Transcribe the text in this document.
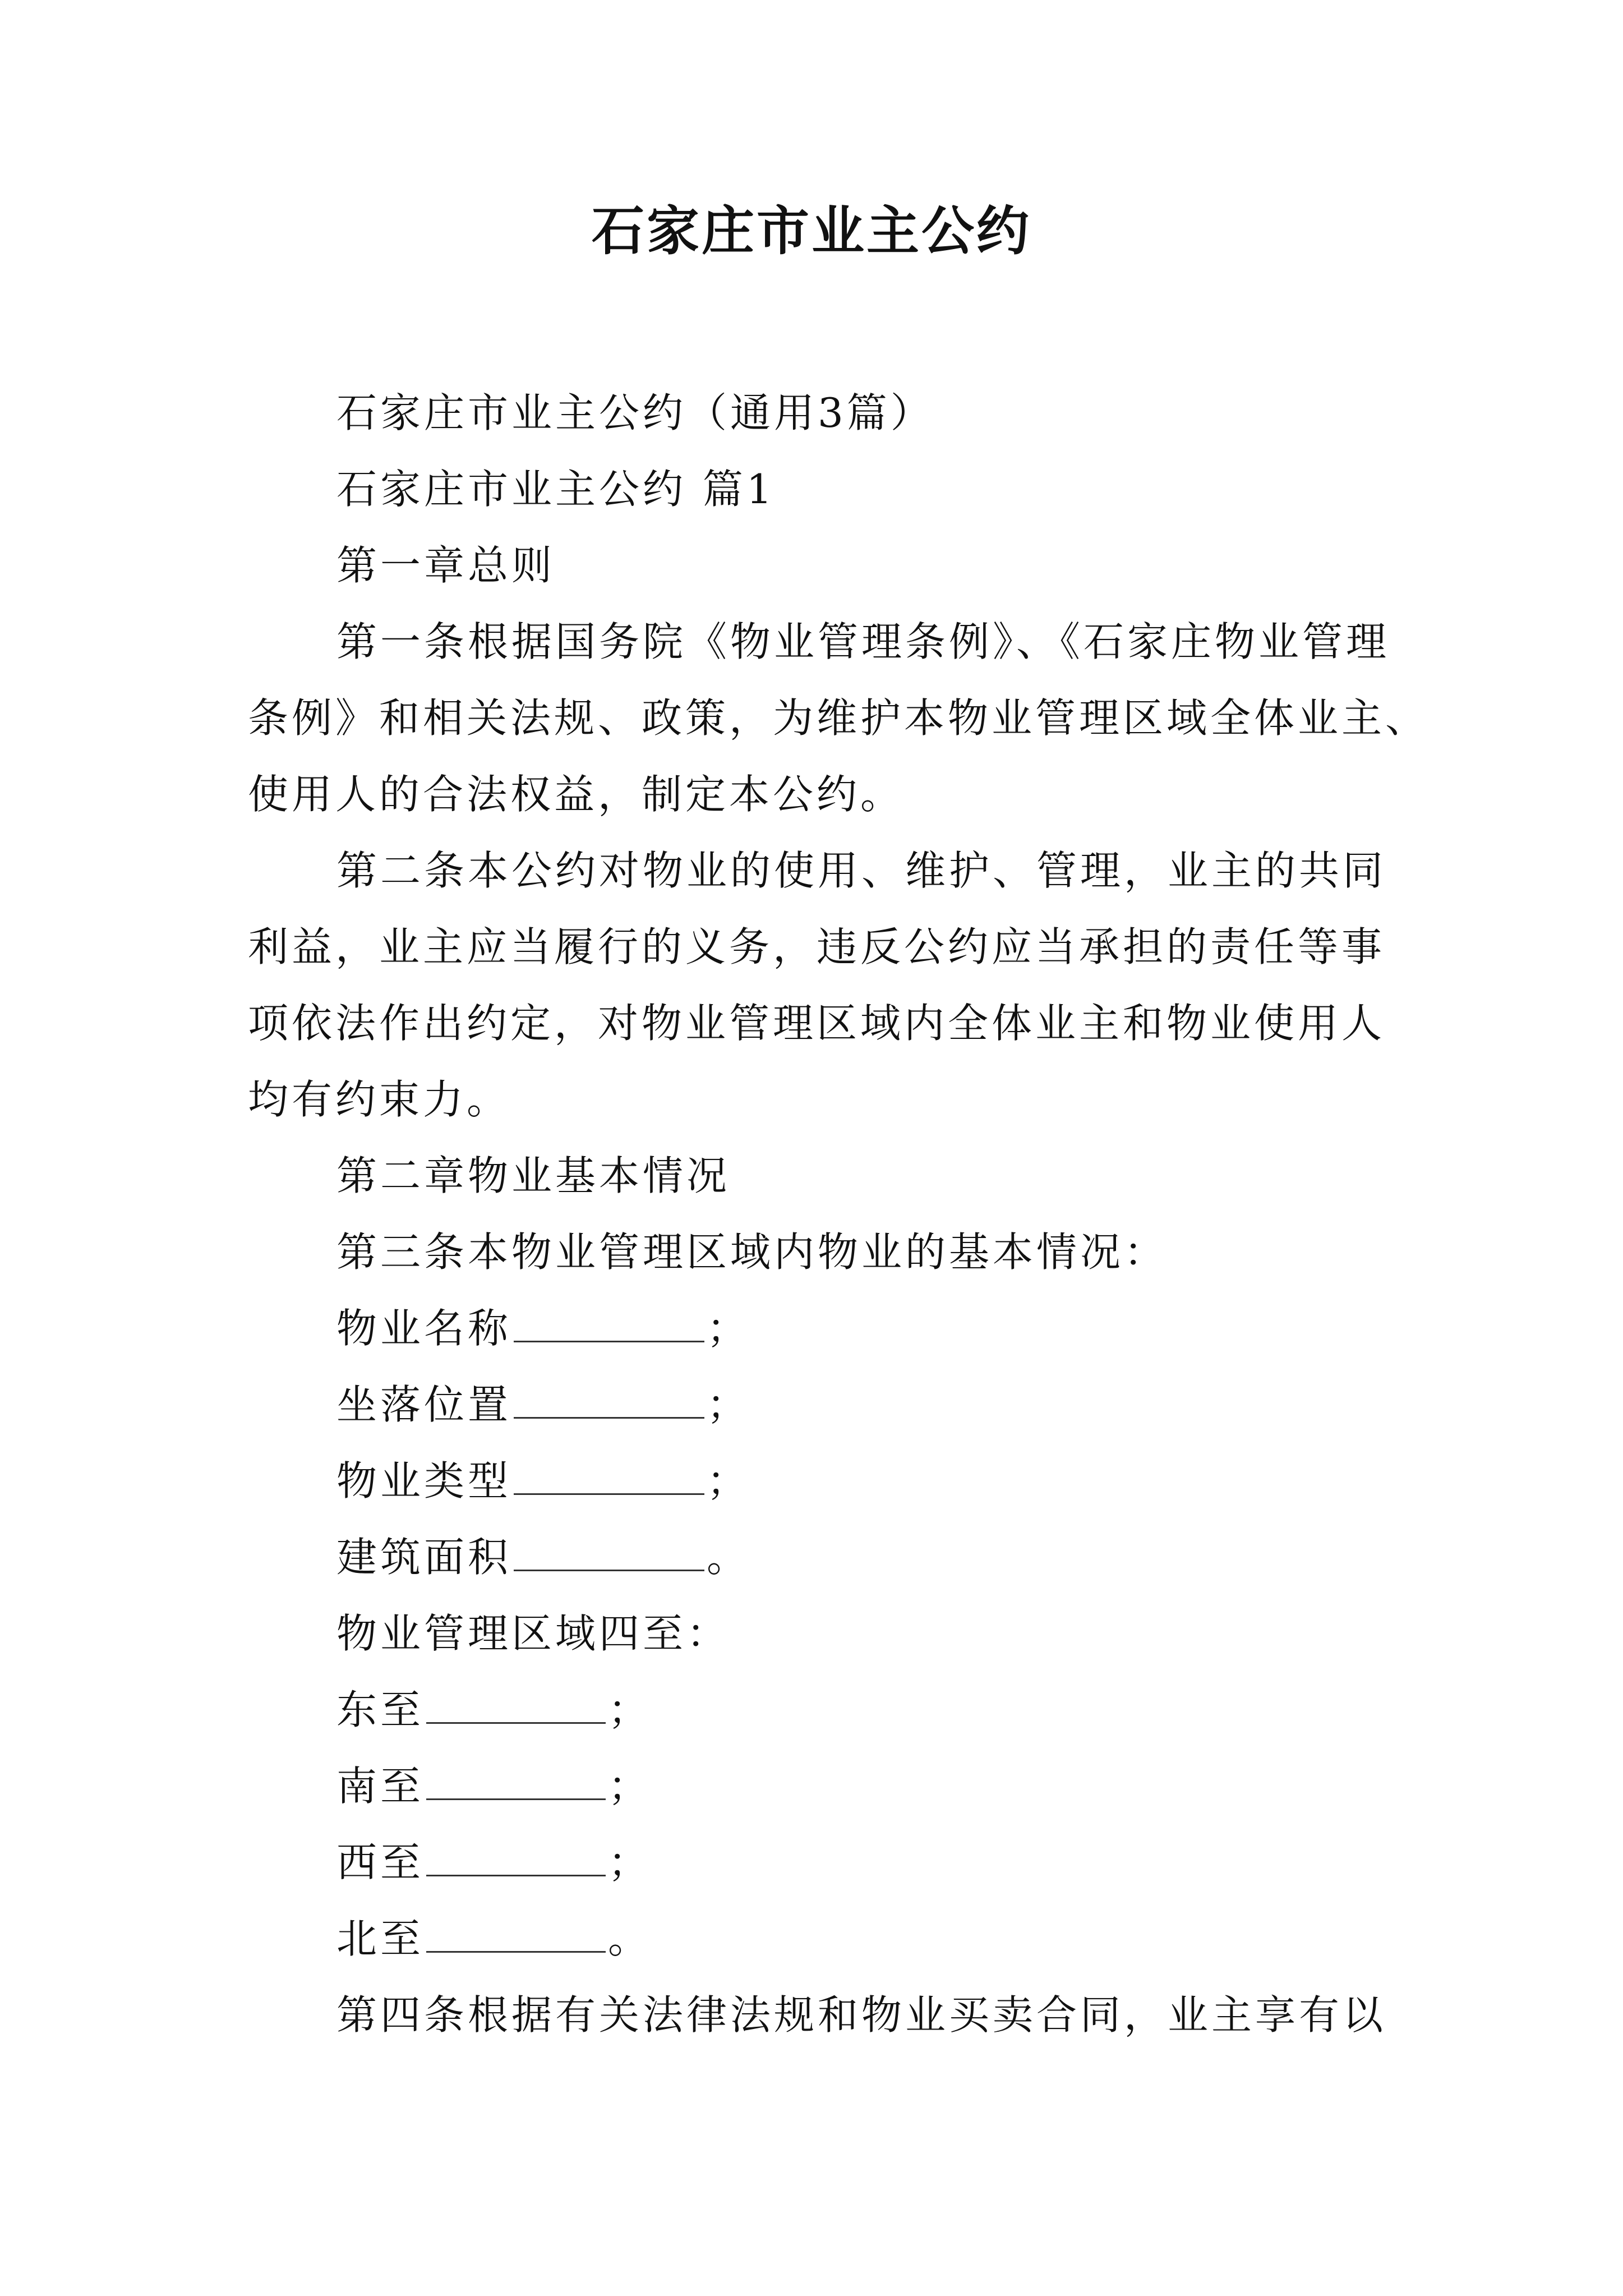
石家庄市业主公约
石家庄市业主公约（通用3篇）
石家庄市业主公约 篇1
第一章总则
第一条根据国务院《物业管理条例》、《石家庄物业管理
条例》和相关法规、政策，为维护本物业管理区域全体业主、
使用人的合法权益，制定本公约。
第二条本公约对物业的使用、维护、管理，业主的共同
利益，业主应当履行的义务，违反公约应当承担的责任等事
项依法作出约定，对物业管理区域内全体业主和物业使用人
均有约束力。
第二章物业基本情况
第三条本物业管理区域内物业的基本情况：
物业名称	；
坐落位置	；
物业类型	；
建筑面积	。
物业管理区域四至：
东至	；
南至	；
西至	；
北至	。
第四条根据有关法律法规和物业买卖合同，业主享有以
